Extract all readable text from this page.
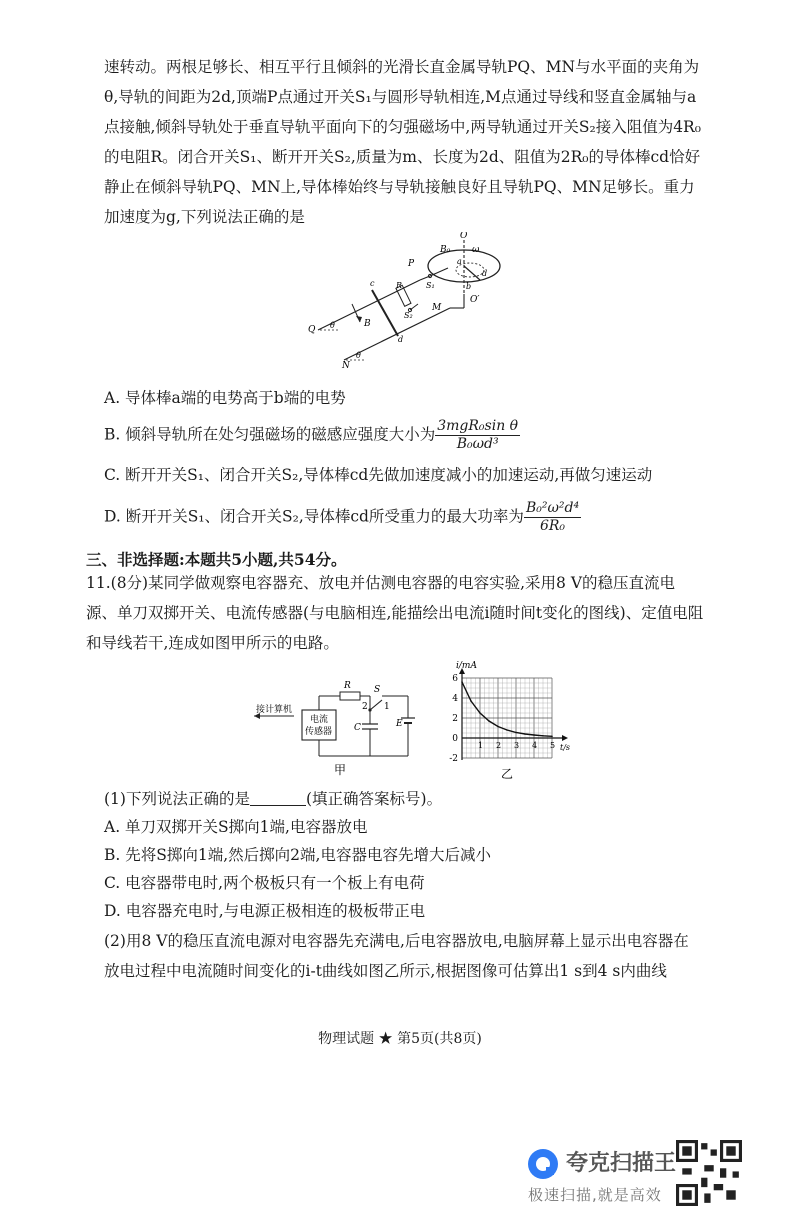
速转动。两根足够长、相互平行且倾斜的光滑长直金属导轨PQ、MN与水平面的夹角为θ,导轨的间距为2d,顶端P点通过开关S₁与圆形导轨相连,M点通过导线和竖直金属轴与a点接触,倾斜导轨处于垂直导轨平面向下的匀强磁场中,两导轨通过开关S₂接入阻值为4R₀的电阻R。闭合开关S₁、断开开关S₂,质量为m、长度为2d、阻值为2R₀的导体棒cd恰好静止在倾斜导轨PQ、MN上,导体棒始终与导轨接触良好且导轨PQ、MN足够长。重力加速度为g,下列说法正确的是

O
B₀ ω
a
d
b
O′
P
S₁
c	R
S₂
M
d
Q
B
N
θ
θ

A. 导体棒a端的电势高于b端的电势

B. 倾斜导轨所在处匀强磁场的磁感应强度大小为 $\frac{\text{3mgR₀sin θ}}{\text{B₀ωd³}}$

C. 断开开关S₁、闭合开关S₂,导体棒cd先做加速度减小的加速运动,再做匀速运动

D. 断开开关S₁、闭合开关S₂,导体棒cd所受重力的最大功率为 $\frac{\text{B₀²ω²d⁴}}{\text{6R₀}}$

三、非选择题:本题共5小题,共54分。

11.(8分)某同学做观察电容器充、放电并估测电容器的电容实验,采用8 V的稳压直流电源、单刀双掷开关、电流传感器(与电脑相连,能描绘出电流i随时间t变化的图线)、定值电阻和导线若干,连成如图甲所示的电路。

接计算机
电流
传感器
R	S
2 1
E
C
甲
i/mA
t/s
-2
0
2
4
6
1 2 3 4 5
乙

(1)下列说法正确的是	(填正确答案标号)。

A. 单刀双掷开关S掷向1端,电容器放电

B. 先将S掷向1端,然后掷向2端,电容器电容先增大后减小

C. 电容器带电时,两个极板只有一个板上有电荷

D. 电容器充电时,与电源正极相连的极板带正电

(2)用8 V的稳压直流电源对电容器先充满电,后电容器放电,电脑屏幕上显示出电容器在放电过程中电流随时间变化的i-t曲线如图乙所示,根据图像可估算出1 s到4 s内曲线

物理试题 ★ 第5页(共8页)
夸克扫描王
极速扫描,就是高效
